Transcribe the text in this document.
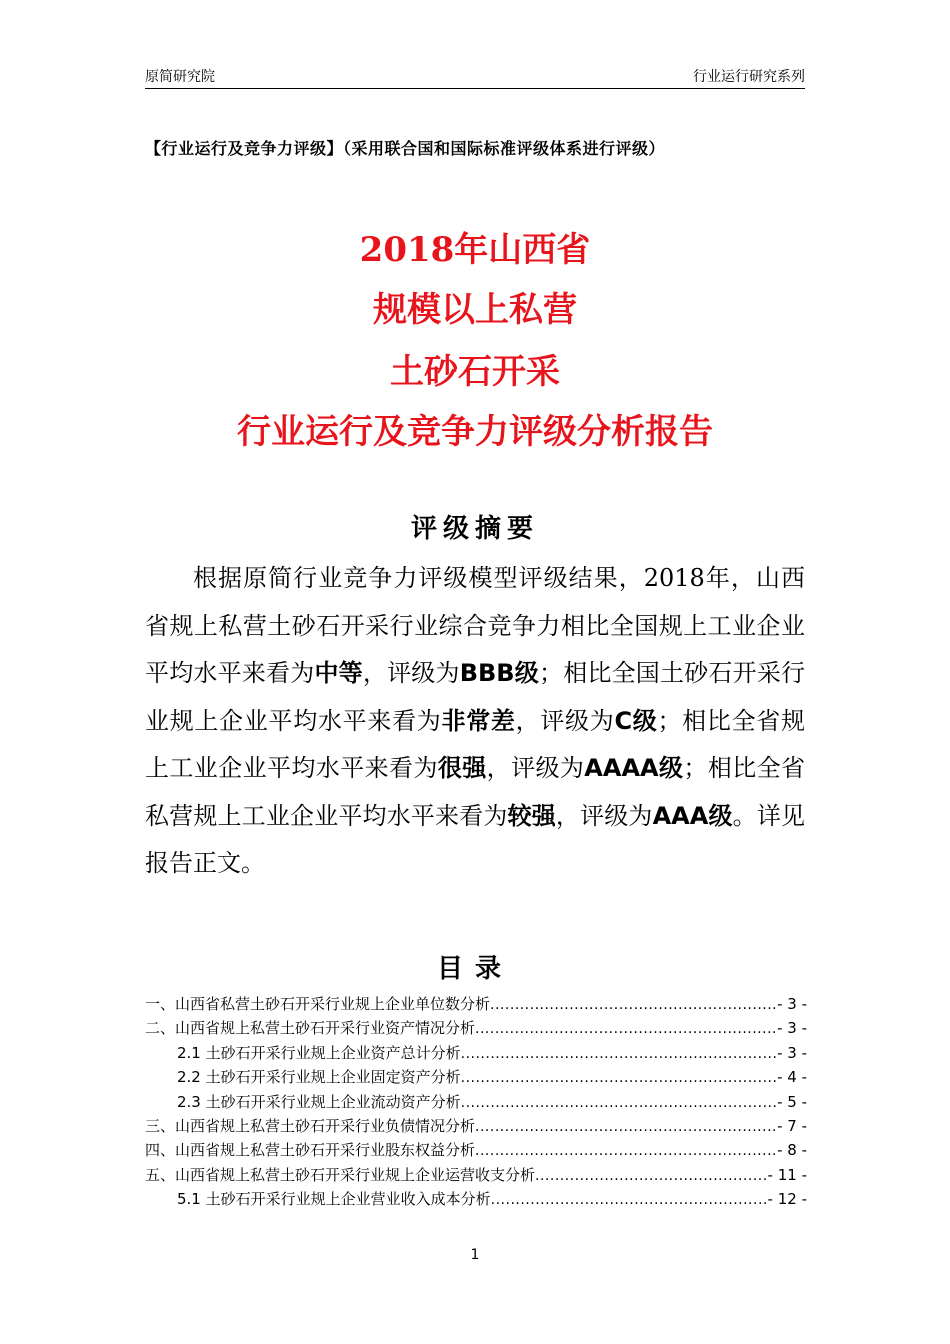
原简研究院	行业运行研究系列
【行业运行及竞争力评级】（采用联合国和国际标准评级体系进行评级）
2018年山西省
规模以上私营
土砂石开采
行业运行及竞争力评级分析报告
评级摘要
根据原简行业竞争力评级模型评级结果，2018年，山西省规上私营土砂石开采行业综合竞争力相比全国规上工业企业平均水平来看为中等，评级为BBB级；相比全国土砂石开采行业规上企业平均水平来看为非常差，评级为C级；相比全省规上工业企业平均水平来看为很强，评级为AAAA级；相比全省私营规上工业企业平均水平来看为较强，评级为AAA级。详见报告正文。
目录
一、山西省私营土砂石开采行业规上企业单位数分析 .....	- 3 -
二、山西省规上私营土砂石开采行业资产情况分析 .....	- 3 -
2.1 土砂石开采行业规上企业资产总计分析 .....	- 3 -
2.2 土砂石开采行业规上企业固定资产分析 .....	- 4 -
2.3 土砂石开采行业规上企业流动资产分析 .....	- 5 -
三、山西省规上私营土砂石开采行业负债情况分析 .....	- 7 -
四、山西省规上私营土砂石开采行业股东权益分析 .....	- 8 -
五、山西省规上私营土砂石开采行业规上企业运营收支分析 .....	- 11 -
5.1 土砂石开采行业规上企业营业收入成本分析 .....	- 12 -
1
